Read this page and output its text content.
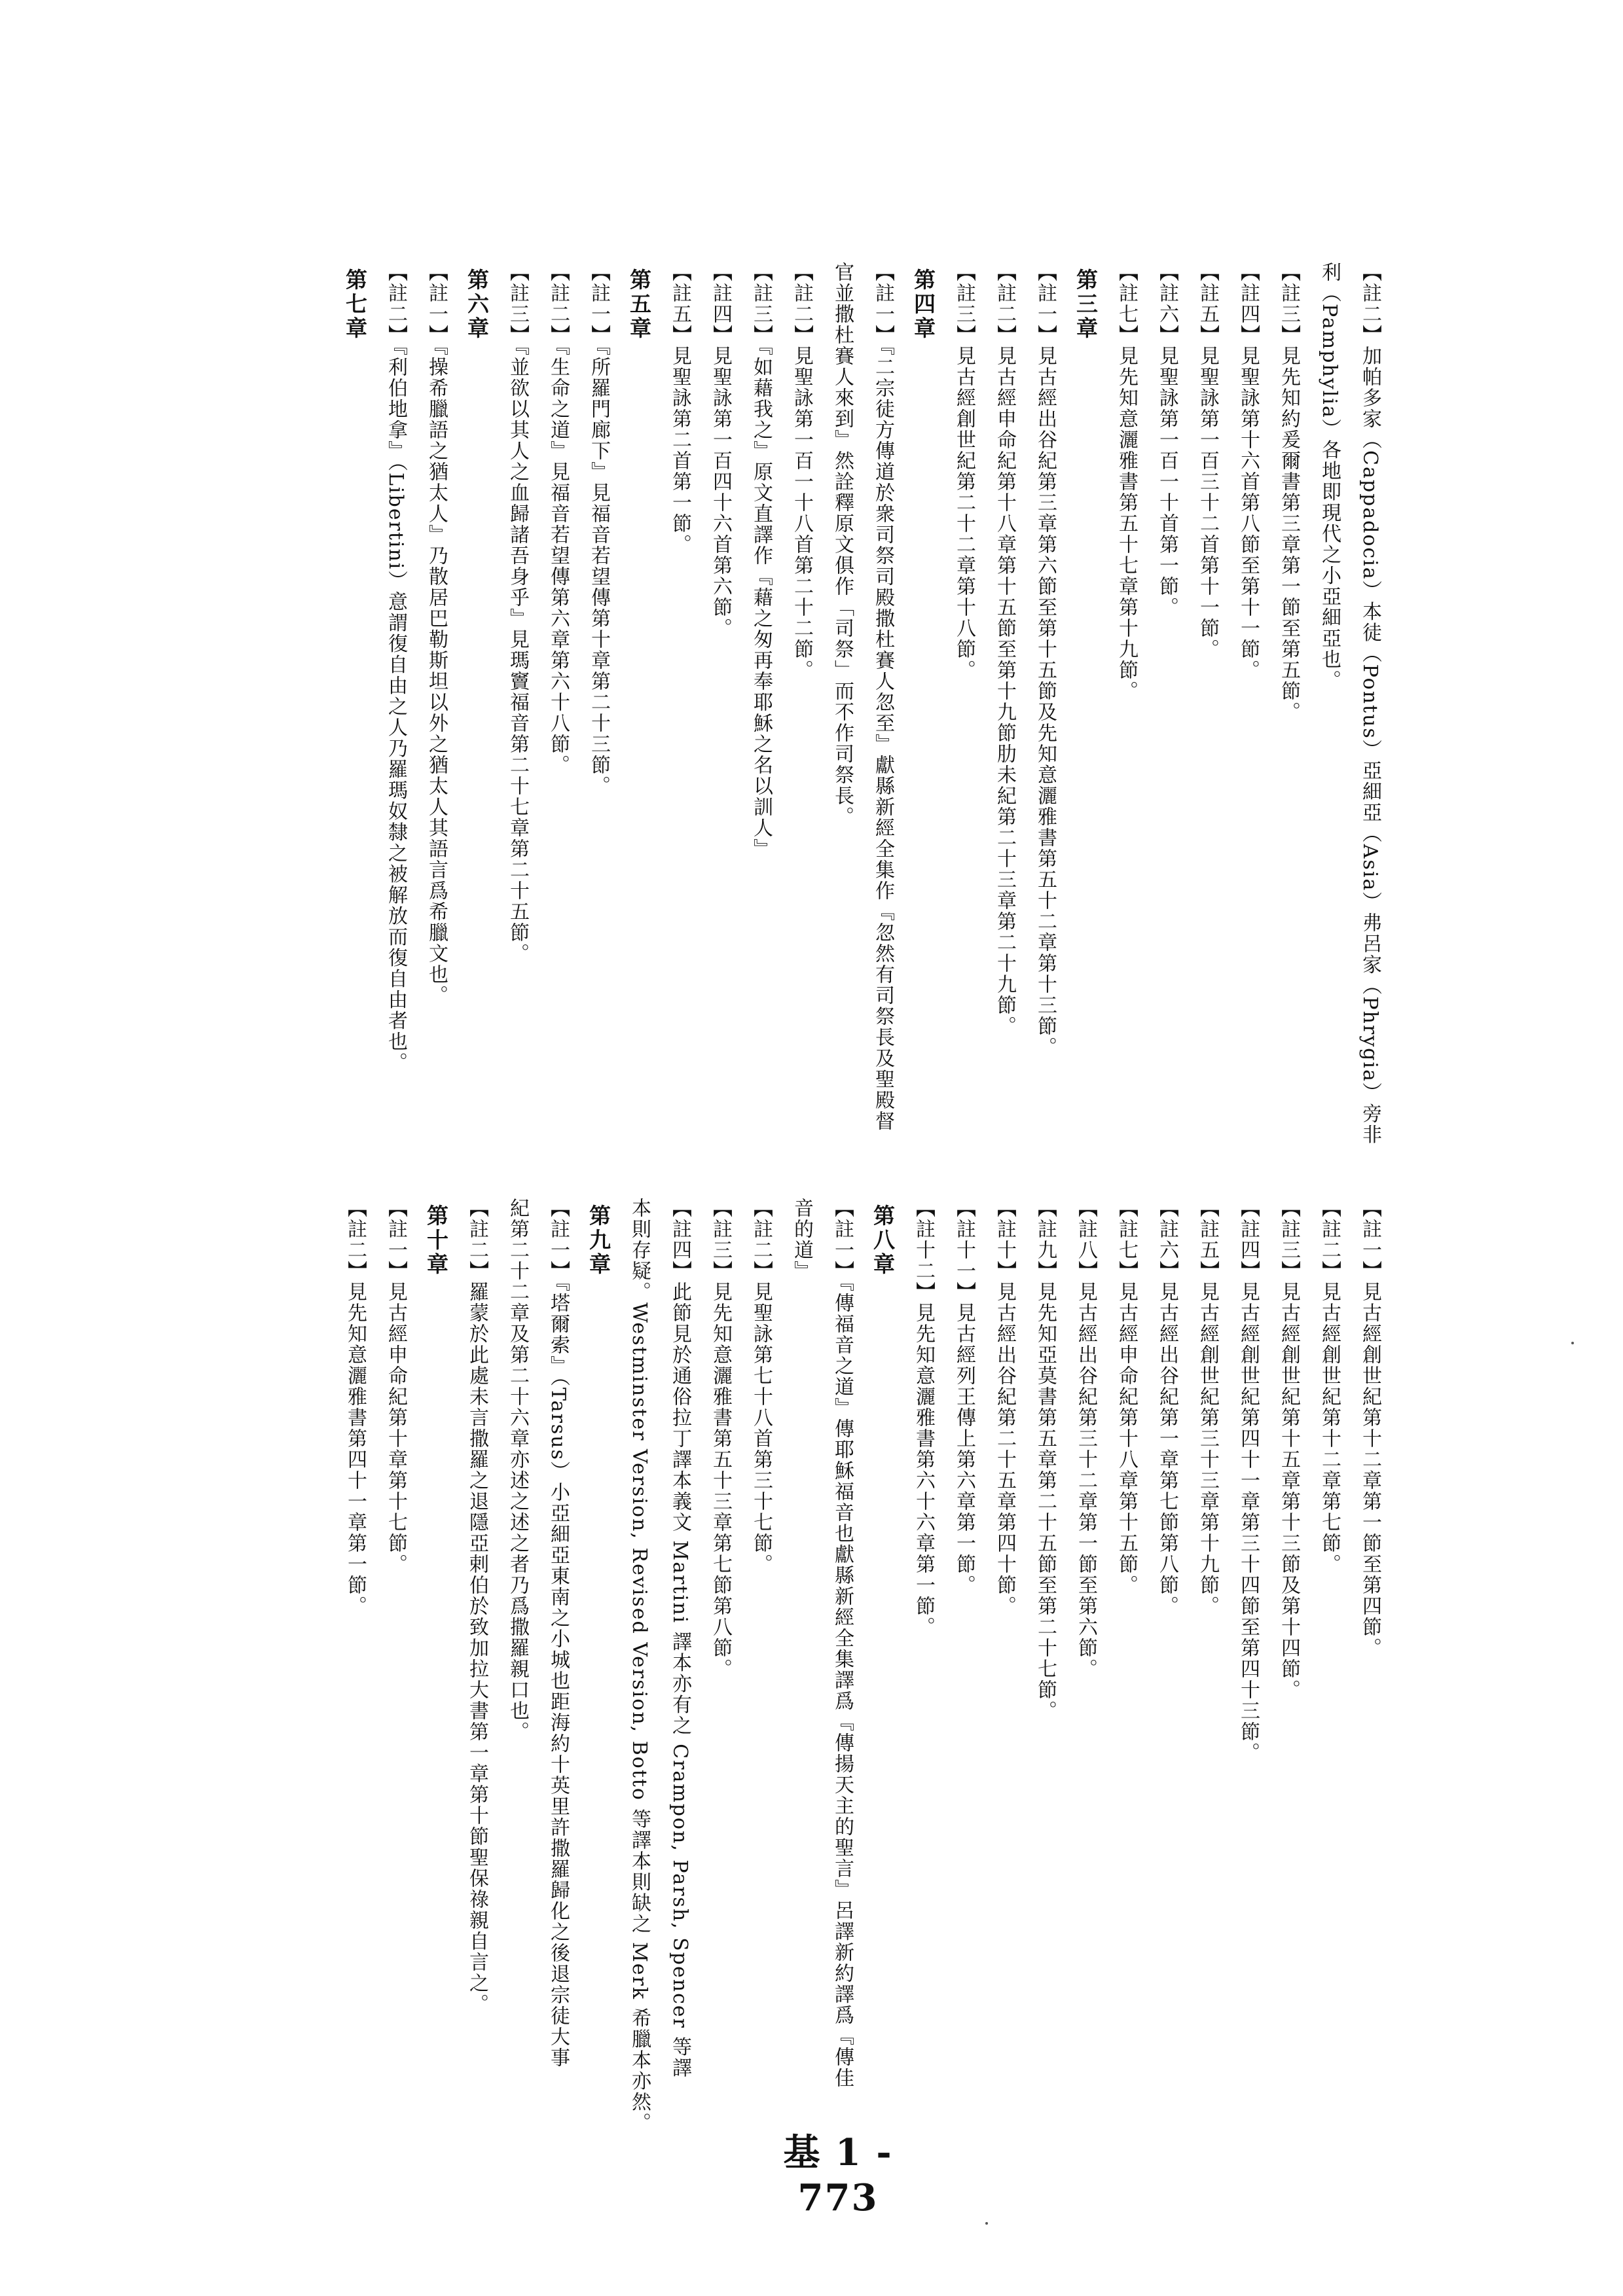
【註二】加帕多家（Cappadocia）本徒（Pontus）亞細亞（Asia）弗呂家（Phrygia）旁非
利（Pamphylia）各地即現代之小亞細亞也。
【註三】見先知約爰爾書第三章第一節至第五節。
【註四】見聖詠第十六首第八節至第十一節。
【註五】見聖詠第一百三十二首第十一節。
【註六】見聖詠第一百一十首第一節。
【註七】見先知意灑雅書第五十七章第十九節。
第三章
【註一】見古經出谷紀第三章第六節至第十五節及先知意灑雅書第五十二章第十三節。
【註二】見古經申命紀第十八章第十五節至第十九節肋未紀第二十三章第二十九節。
【註三】見古經創世紀第二十二章第十八節。
第四章
【註一】『二宗徒方傳道於衆司祭司殿撒杜賽人忽至』獻縣新經全集作『忽然有司祭長及聖殿督
官並撒杜賽人來到』然詮釋原文俱作「司祭」而不作司祭長。
【註二】見聖詠第一百一十八首第二十二節。
【註三】『如藉我之』原文直譯作『藉之匆再奉耶穌之名以訓人』
【註四】見聖詠第一百四十六首第六節。
【註五】見聖詠第二首第一節。
第五章
【註一】『所羅門廊下』見福音若望傳第十章第二十三節。
【註二】『生命之道』見福音若望傳第六章第六十八節。
【註三】『並欲以其人之血歸諸吾身乎』見瑪竇福音第二十七章第二十五節。
第六章
【註一】『操希臘語之猶太人』乃散居巴勒斯坦以外之猶太人其語言爲希臘文也。
【註二】『利伯地拿』（Libertini）意謂復自由之人乃羅瑪奴隸之被解放而復自由者也。
第七章
【註一】見古經創世紀第十二章第一節至第四節。
【註二】見古經創世紀第十二章第七節。
【註三】見古經創世紀第十五章第十三節及第十四節。
【註四】見古經創世紀第四十一章第三十四節至第四十三節。
【註五】見古經創世紀第三十三章第十九節。
【註六】見古經出谷紀第一章第七節第八節。
【註七】見古經申命紀第十八章第十五節。
【註八】見古經出谷紀第三十二章第一節至第六節。
【註九】見先知亞莫書第五章第二十五節至第二十七節。
【註十】見古經出谷紀第二十五章第四十節。
【註十一】見古經列王傳上第六章第一節。
【註十二】見先知意灑雅書第六十六章第一節。
第八章
【註一】『傳福音之道』傳耶穌福音也獻縣新經全集譯爲『傳揚天主的聖言』呂譯新約譯爲『傳佳
音的道』
【註二】見聖詠第七十八首第三十七節。
【註三】見先知意灑雅書第五十三章第七節第八節。
【註四】此節見於通俗拉丁譯本義文 Martini 譯本亦有之 Crampon, Parsh, Spencer 等譯
本則存疑。Westminster Version, Revised Version, Botto 等譯本則缺之 Merk 希臘本亦然。
第九章
【註一】『塔爾索』（Tarsus）小亞細亞東南之小城也距海約十英里許撒羅歸化之後退宗徒大事
紀第二十二章及第二十六章亦述之述之者乃爲撒羅親口也。
【註二】羅蒙於此處未言撒羅之退隱亞剌伯於致加拉大書第一章第十節聖保祿親自言之。
第十章
【註一】見古經申命紀第十章第十七節。
【註二】見先知意灑雅書第四十一章第一節。
基 1 - 773
